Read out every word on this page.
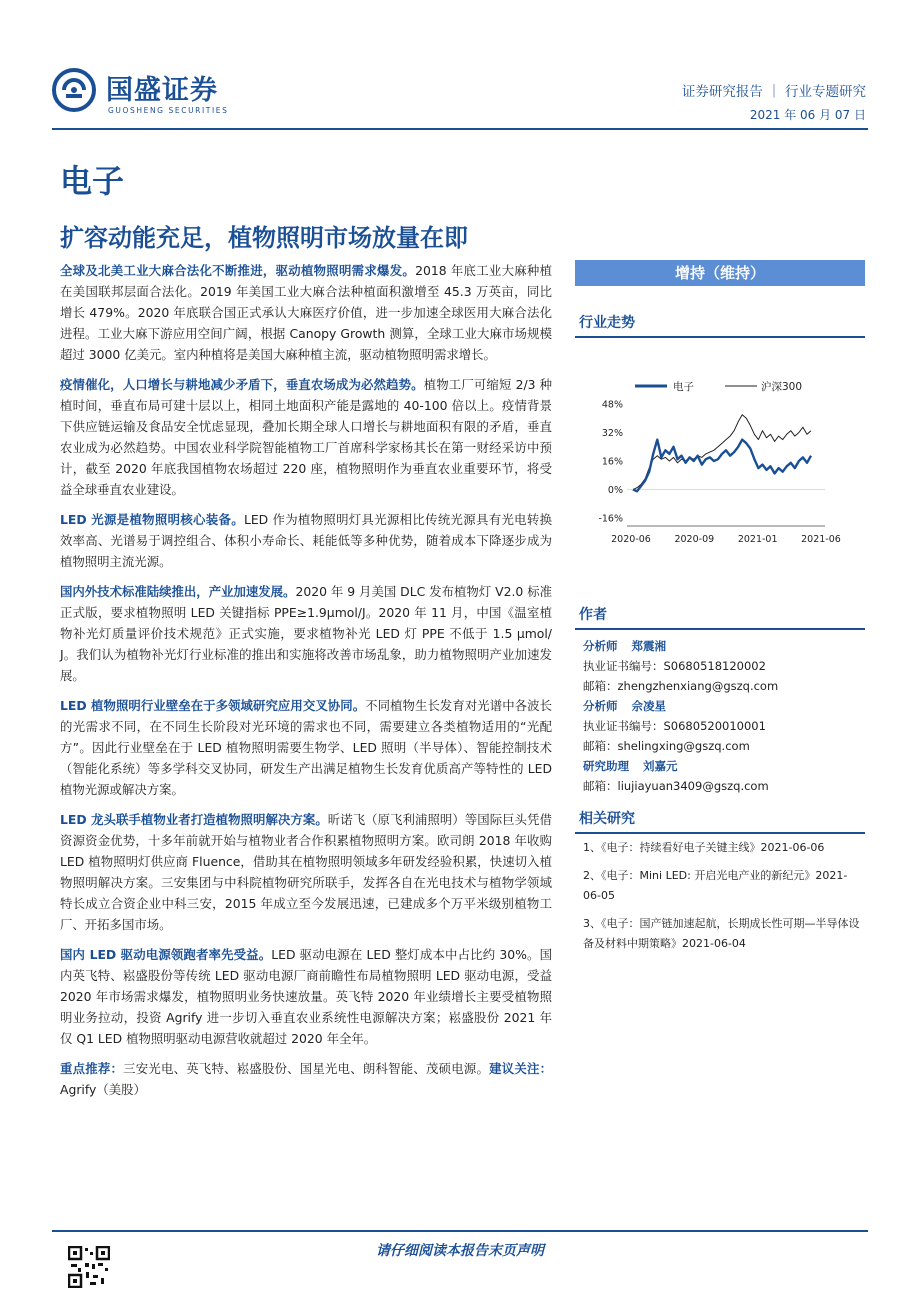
国盛证券
GUOSHENG SECURITIES
证券研究报告 ｜ 行业专题研究
2021 年 06 月 07 日
电子
扩容动能充足，植物照明市场放量在即

全球及北美工业大麻合法化不断推进，驱动植物照明需求爆发。2018 年底工业大麻种植在美国联邦层面合法化。2019 年美国工业大麻合法种植面积激增至 45.3 万英亩，同比增长 479%。2020 年底联合国正式承认大麻医疗价值，进一步加速全球医用大麻合法化进程。工业大麻下游应用空间广阔，根据 Canopy Growth 测算，全球工业大麻市场规模超过 3000 亿美元。室内种植将是美国大麻种植主流，驱动植物照明需求增长。

疫情催化，人口增长与耕地减少矛盾下，垂直农场成为必然趋势。植物工厂可缩短 2/3 种植时间，垂直布局可建十层以上，相同土地面积产能是露地的 40-100 倍以上。疫情背景下供应链运输及食品安全忧虑显现，叠加长期全球人口增长与耕地面积有限的矛盾，垂直农业成为必然趋势。中国农业科学院智能植物工厂首席科学家杨其长在第一财经采访中预计，截至 2020 年底我国植物农场超过 220 座，植物照明作为垂直农业重要环节，将受益全球垂直农业建设。

LED 光源是植物照明核心装备。LED 作为植物照明灯具光源相比传统光源具有光电转换效率高、光谱易于调控组合、体积小寿命长、耗能低等多种优势，随着成本下降逐步成为植物照明主流光源。

国内外技术标准陆续推出，产业加速发展。2020 年 9 月美国 DLC 发布植物灯 V2.0 标准正式版，要求植物照明 LED 关键指标 PPE≥1.9μmol/J。2020 年 11 月，中国《温室植物补光灯质量评价技术规范》正式实施，要求植物补光 LED 灯 PPE 不低于 1.5 μmol/ J。我们认为植物补光灯行业标准的推出和实施将改善市场乱象，助力植物照明产业加速发展。

LED 植物照明行业壁垒在于多领域研究应用交叉协同。不同植物生长发育对光谱中各波长的光需求不同，在不同生长阶段对光环境的需求也不同，需要建立各类植物适用的“光配方”。因此行业壁垒在于 LED 植物照明需要生物学、LED 照明（半导体）、智能控制技术（智能化系统）等多学科交叉协同，研发生产出满足植物生长发育优质高产等特性的 LED 植物光源或解决方案。

LED 龙头联手植物业者打造植物照明解决方案。昕诺飞（原飞利浦照明）等国际巨头凭借资源资金优势，十多年前就开始与植物业者合作积累植物照明方案。欧司朗 2018 年收购 LED 植物照明灯供应商 Fluence，借助其在植物照明领域多年研发经验积累，快速切入植物照明解决方案。三安集团与中科院植物研究所联手，发挥各自在光电技术与植物学领域特长成立合资企业中科三安，2015 年成立至今发展迅速，已建成多个万平米级别植物工厂、开拓多国市场。

国内 LED 驱动电源领跑者率先受益。LED 驱动电源在 LED 整灯成本中占比约 30%。国内英飞特、崧盛股份等传统 LED 驱动电源厂商前瞻性布局植物照明 LED 驱动电源，受益 2020 年市场需求爆发，植物照明业务快速放量。英飞特 2020 年业绩增长主要受植物照明业务拉动，投资 Agrify 进一步切入垂直农业系统性电源解决方案；崧盛股份 2021 年仅 Q1 LED 植物照明驱动电源营收就超过 2020 年全年。

重点推荐：三安光电、英飞特、崧盛股份、国星光电、朗科智能、茂硕电源。建议关注：Agrify（美股）

增持（维持）
行业走势
电子	沪深300
48%
32%
16%
0%
-16%
2020-06 2020-09 2021-01 2021-06
作者
分析师 郑震湘
执业证书编号：S0680518120002
邮箱：zhengzhenxiang@gszq.com
分析师 佘凌星
执业证书编号：S0680520010001
邮箱：shelingxing@gszq.com
研究助理 刘嘉元
邮箱：liujiayuan3409@gszq.com
相关研究
1、《电子：持续看好电子关键主线》2021-06-06
2、《电子：Mini LED: 开启光电产业的新纪元》2021-06-05
3、《电子：国产链加速起航，长期成长性可期—半导体设备及材料中期策略》2021-06-04
请仔细阅读本报告末页声明
